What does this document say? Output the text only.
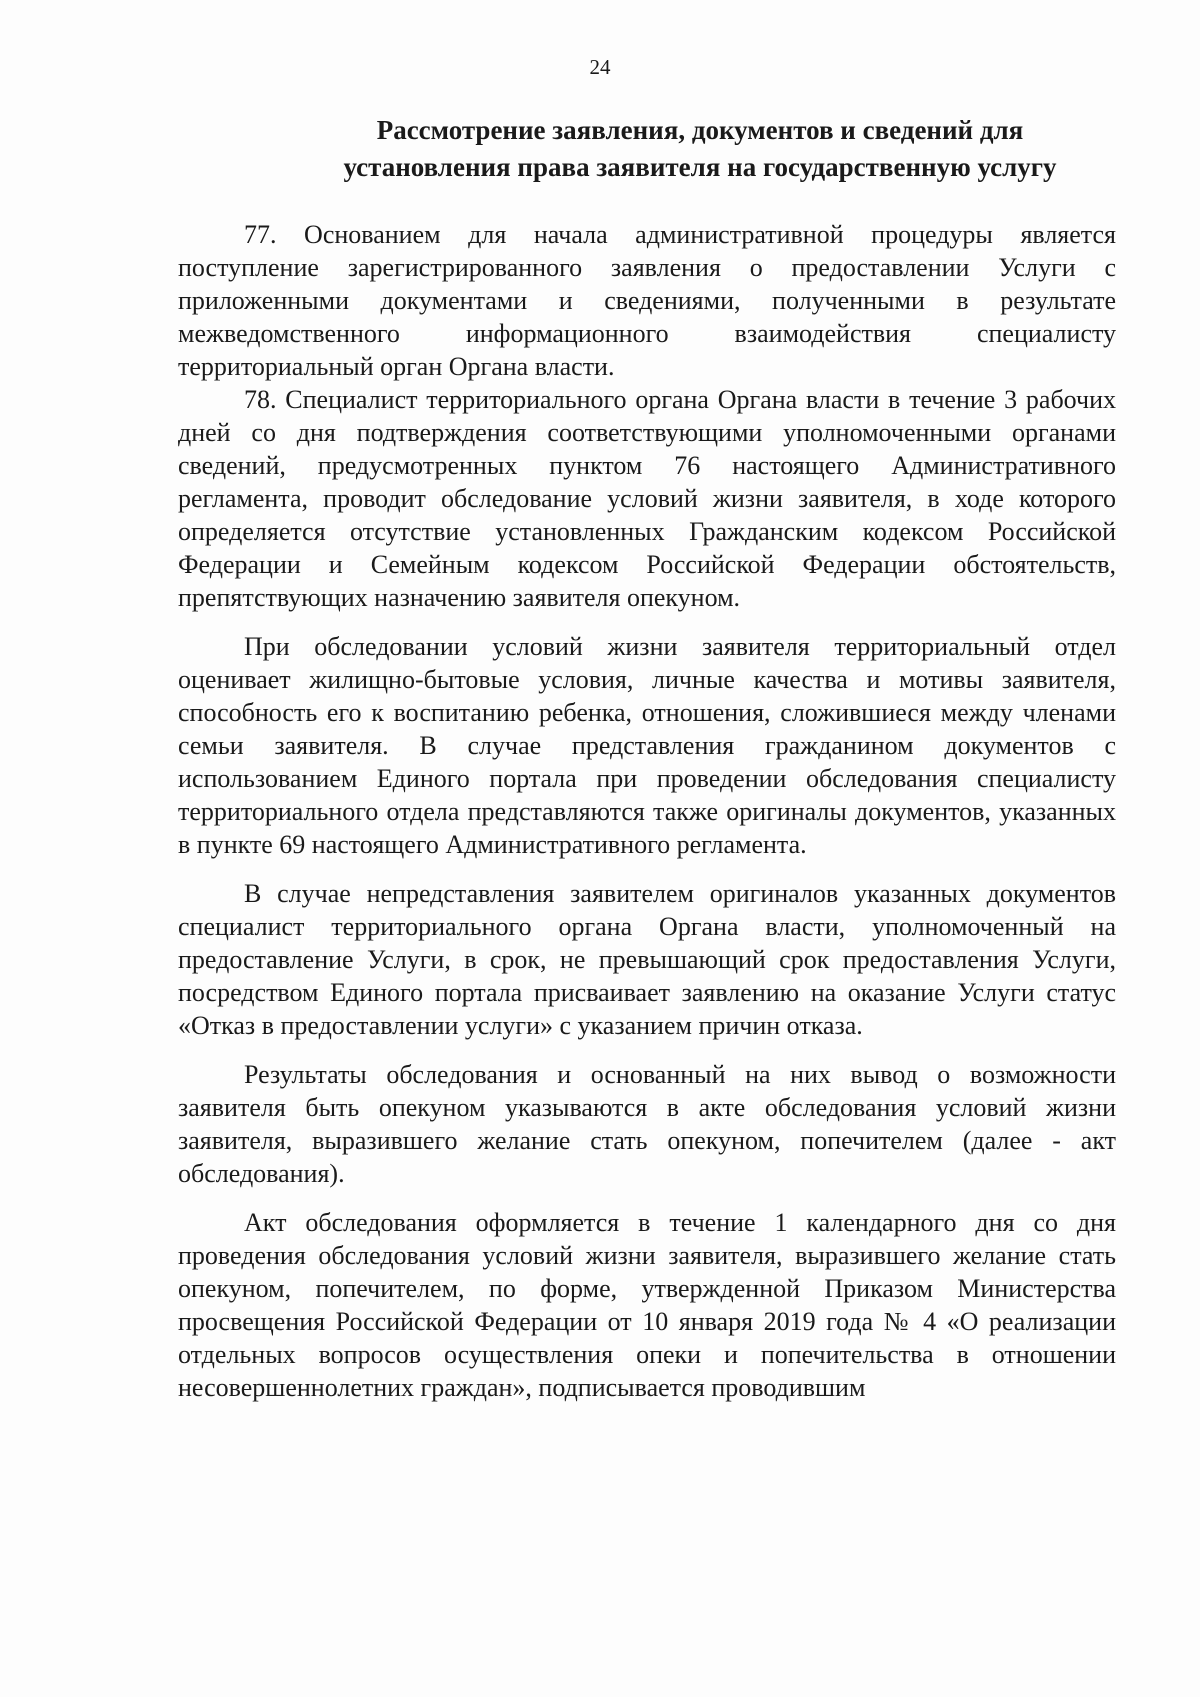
24
Рассмотрение заявления, документов и сведений для
установления права заявителя на государственную услугу

77. Основанием для начала административной процедуры является поступление зарегистрированного заявления о предоставлении Услуги с приложенными документами и сведениями, полученными в результате межведомственного информационного взаимодействия специалисту территориальный орган Органа власти.

78. Специалист территориального органа Органа власти в течение 3 рабочих дней со дня подтверждения соответствующими уполномоченными органами сведений, предусмотренных пунктом 76 настоящего Административного регламента, проводит обследование условий жизни заявителя, в ходе которого определяется отсутствие установленных Гражданским кодексом Российской Федерации и Семейным кодексом Российской Федерации обстоятельств, препятствующих назначению заявителя опекуном.

При обследовании условий жизни заявителя территориальный отдел оценивает жилищно-бытовые условия, личные качества и мотивы заявителя, способность его к воспитанию ребенка, отношения, сложившиеся между членами семьи заявителя. В случае представления гражданином документов с использованием Единого портала при проведении обследования специалисту территориального отдела представляются также оригиналы документов, указанных в пункте 69 настоящего Административного регламента.

В случае непредставления заявителем оригиналов указанных документов специалист территориального органа Органа власти, уполномоченный на предоставление Услуги, в срок, не превышающий срок предоставления Услуги, посредством Единого портала присваивает заявлению на оказание Услуги статус «Отказ в предоставлении услуги» с указанием причин отказа.

Результаты обследования и основанный на них вывод о возможности заявителя быть опекуном указываются в акте обследования условий жизни заявителя, выразившего желание стать опекуном, попечителем (далее - акт обследования).

Акт обследования оформляется в течение 1 календарного дня со дня проведения обследования условий жизни заявителя, выразившего желание стать опекуном, попечителем, по форме, утвержденной Приказом Министерства просвещения Российской Федерации от 10 января 2019 года № 4 «О реализации отдельных вопросов осуществления опеки и попечительства в отношении несовершеннолетних граждан», подписывается проводившим
